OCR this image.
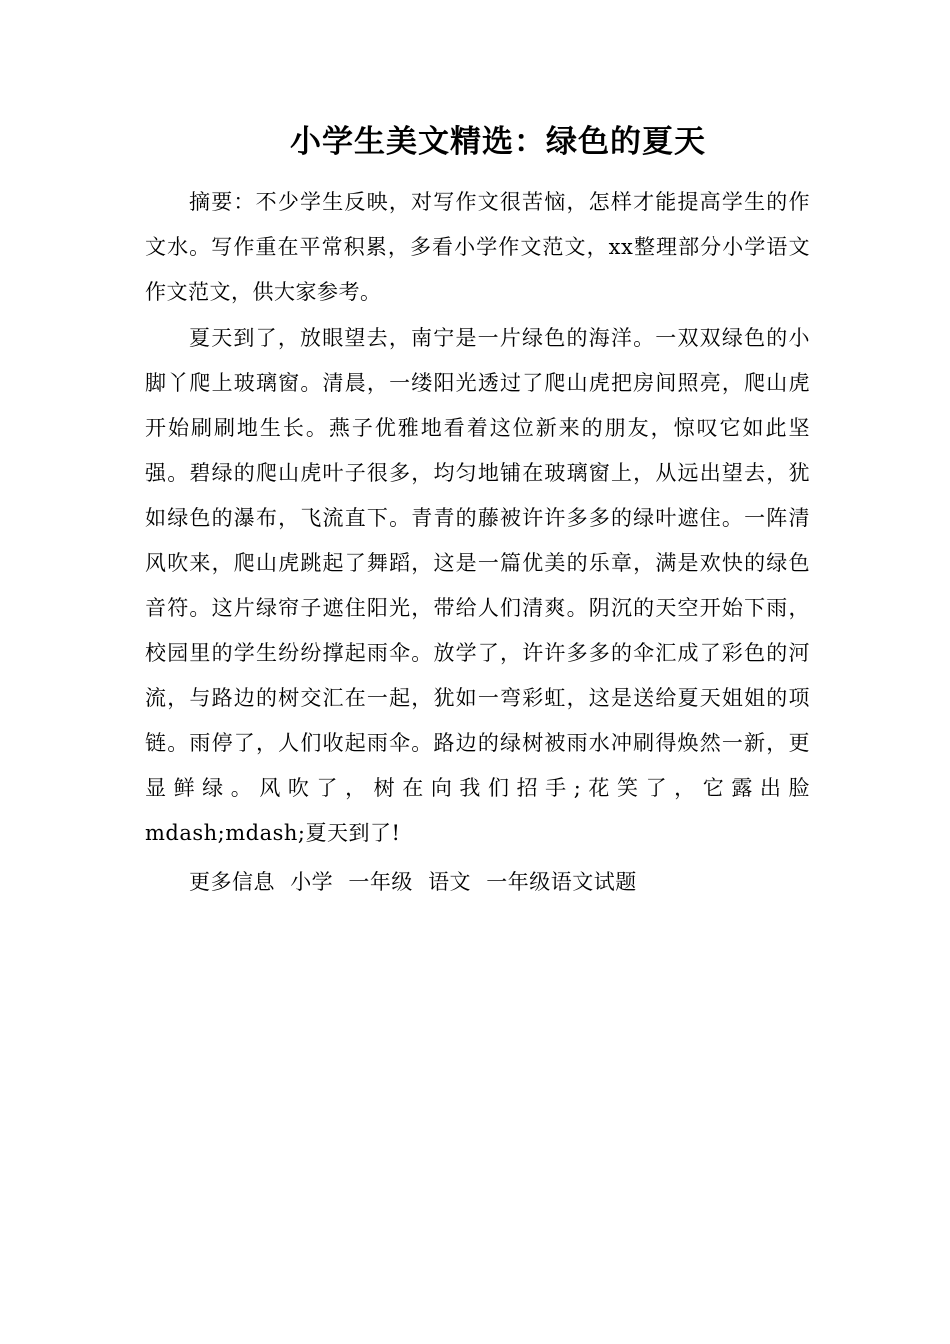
小学生美文精选：绿色的夏天

摘要：不少学生反映，对写作文很苦恼，怎样才能提高学生的作文水。写作重在平常积累，多看小学作文范文，xx整理部分小学语文作文范文，供大家参考。

夏天到了，放眼望去，南宁是一片绿色的海洋。一双双绿色的小脚丫爬上玻璃窗。清晨，一缕阳光透过了爬山虎把房间照亮，爬山虎开始刷刷地生长。燕子优雅地看着这位新来的朋友，惊叹它如此坚强。碧绿的爬山虎叶子很多，均匀地铺在玻璃窗上，从远出望去，犹如绿色的瀑布，飞流直下。青青的藤被许许多多的绿叶遮住。一阵清风吹来，爬山虎跳起了舞蹈，这是一篇优美的乐章，满是欢快的绿色音符。这片绿帘子遮住阳光，带给人们清爽。阴沉的天空开始下雨，校园里的学生纷纷撑起雨伞。放学了，许许多多的伞汇成了彩色的河流，与路边的树交汇在一起，犹如一弯彩虹，这是送给夏天姐姐的项链。雨停了，人们收起雨伞。路边的绿树被雨水冲刷得焕然一新，更显鲜绿。风吹了，树在向我们招手;花笑了，它露出脸 mdash;mdash;夏天到了!

更多信息 小学 一年级 语文 一年级语文试题
